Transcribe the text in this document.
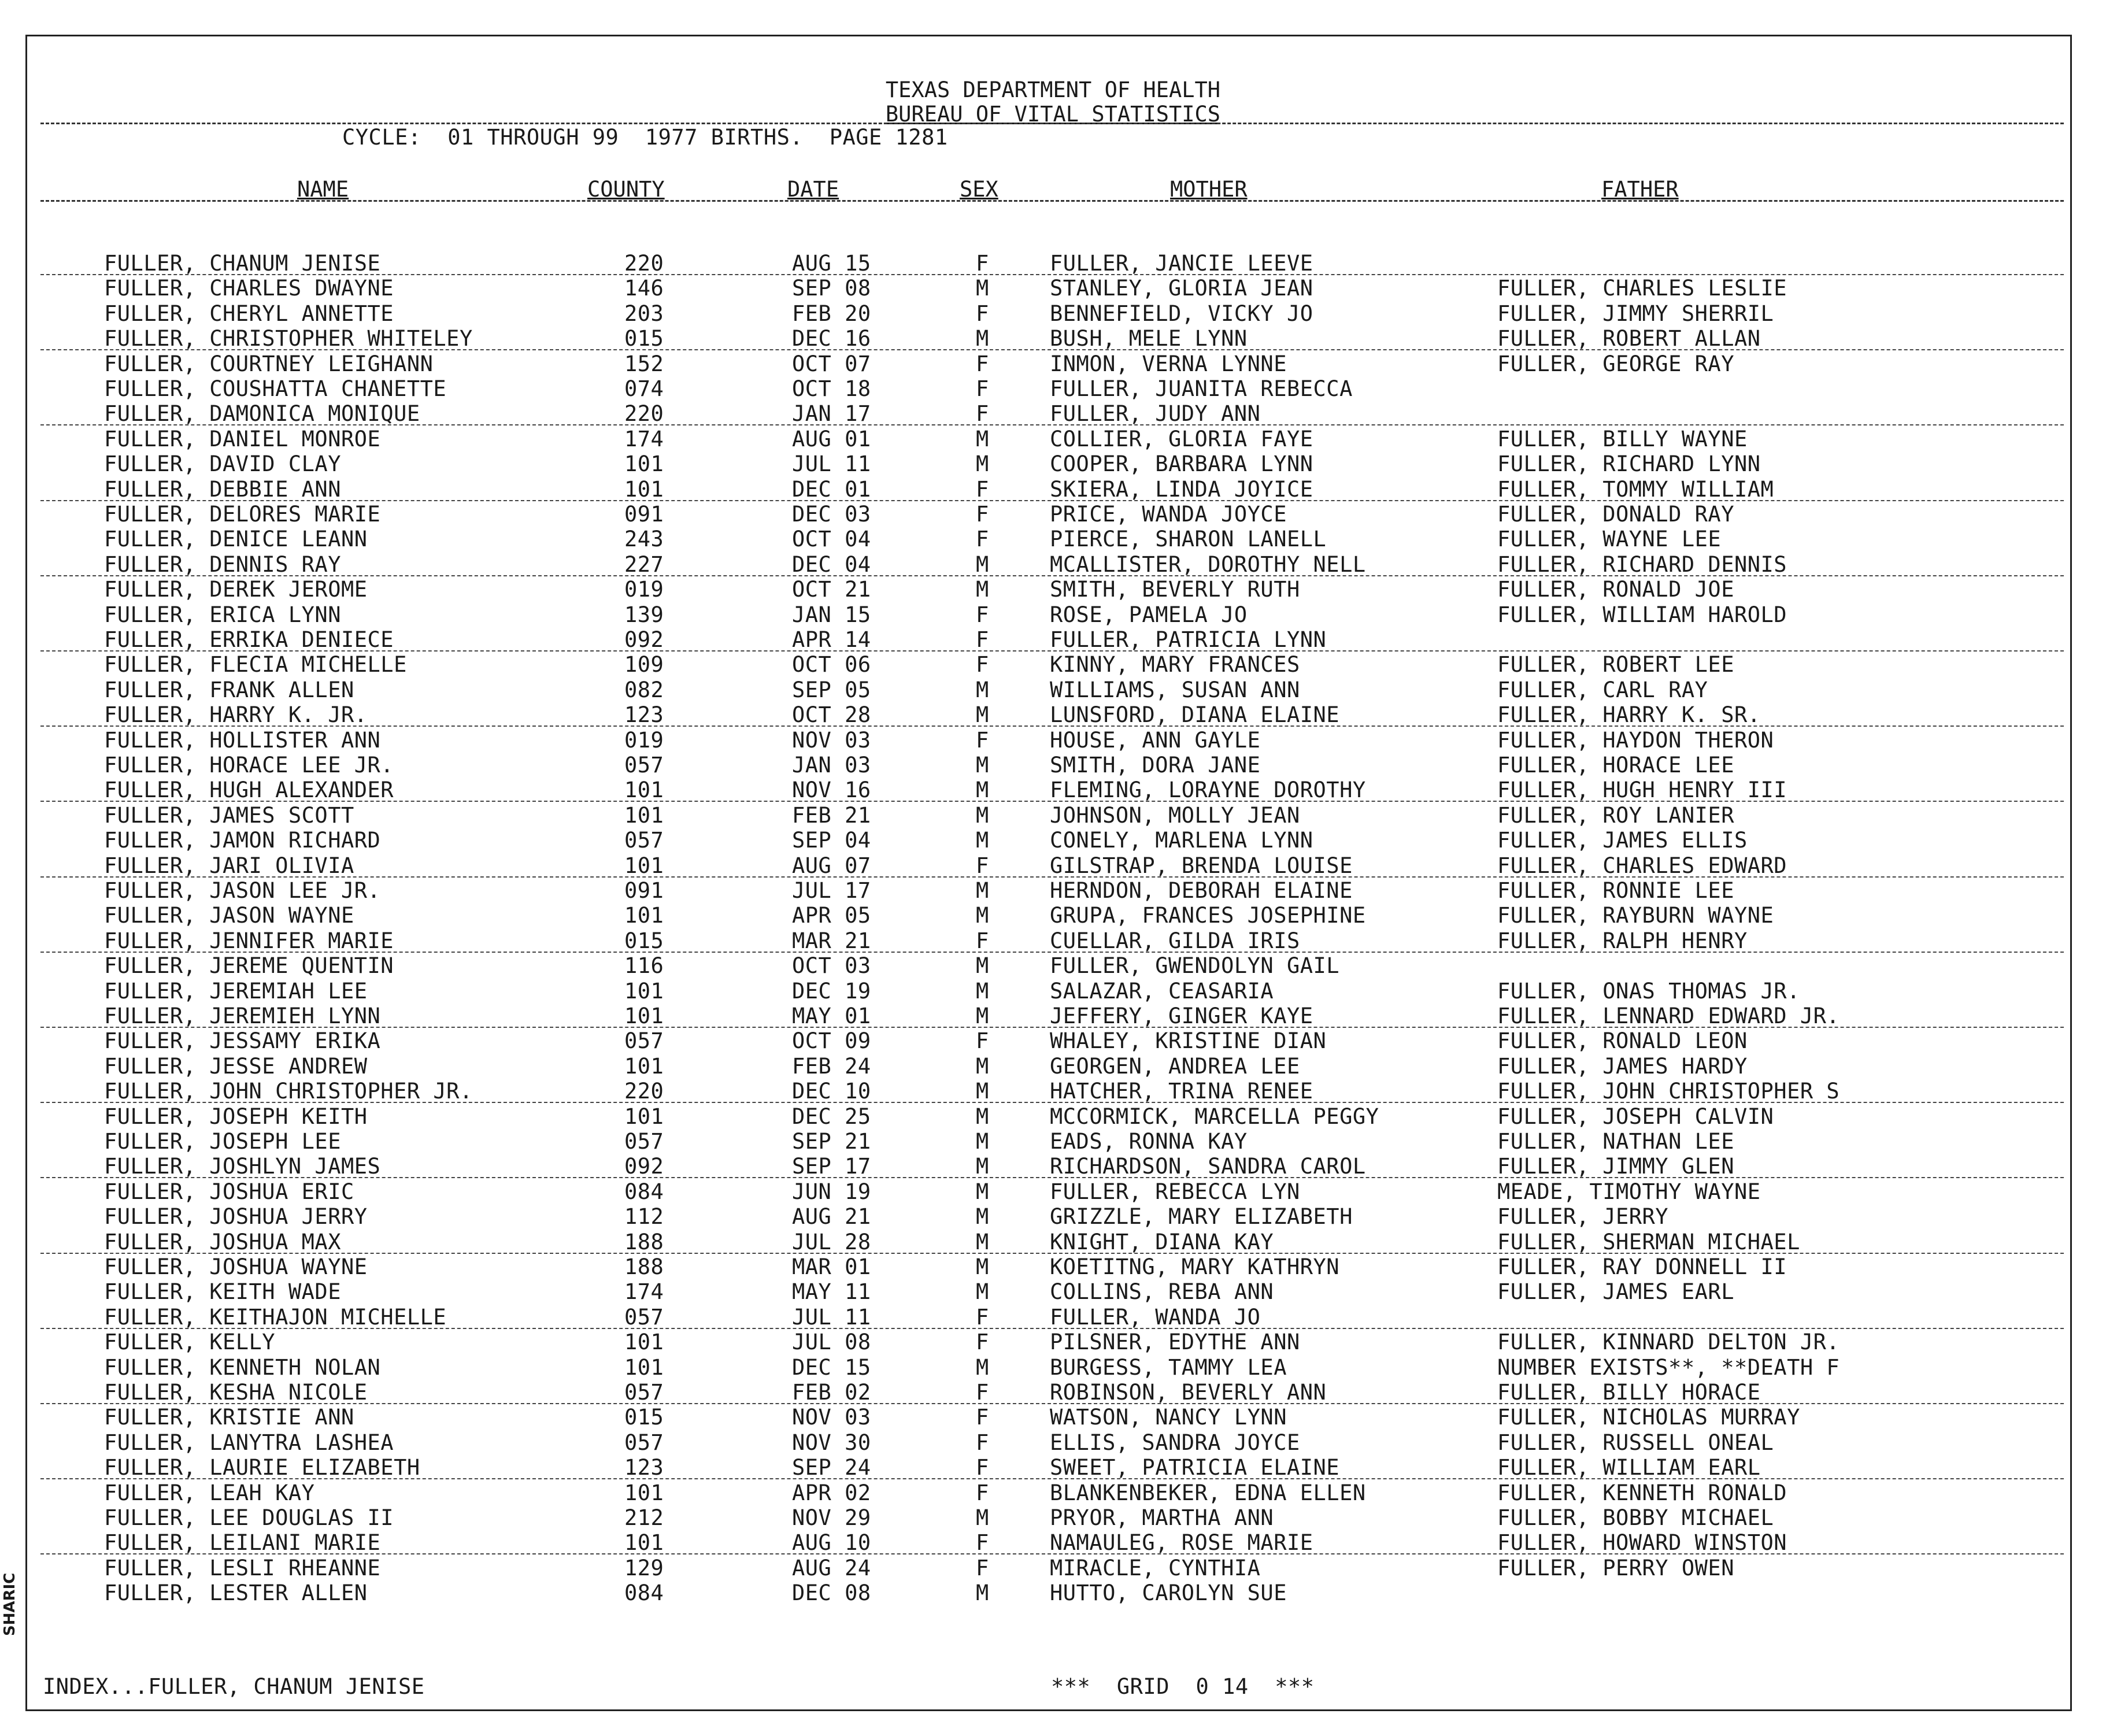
TEXAS DEPARTMENT OF HEALTH
BUREAU OF VITAL STATISTICS
CYCLE:  01 THROUGH 99  1977 BIRTHS.  PAGE 1281
NAME	COUNTY	DATE	SEX	MOTHER	FATHER
FULLER, CHANUM JENISE	220	AUG 15	F	FULLER, JANCIE LEEVE
FULLER, CHARLES DWAYNE	146	SEP 08	M	STANLEY, GLORIA JEAN	FULLER, CHARLES LESLIE
FULLER, CHERYL ANNETTE	203	FEB 20	F	BENNEFIELD, VICKY JO	FULLER, JIMMY SHERRIL
FULLER, CHRISTOPHER WHITELEY	015	DEC 16	M	BUSH, MELE LYNN	FULLER, ROBERT ALLAN
FULLER, COURTNEY LEIGHANN	152	OCT 07	F	INMON, VERNA LYNNE	FULLER, GEORGE RAY
FULLER, COUSHATTA CHANETTE	074	OCT 18	F	FULLER, JUANITA REBECCA
FULLER, DAMONICA MONIQUE	220	JAN 17	F	FULLER, JUDY ANN
FULLER, DANIEL MONROE	174	AUG 01	M	COLLIER, GLORIA FAYE	FULLER, BILLY WAYNE
FULLER, DAVID CLAY	101	JUL 11	M	COOPER, BARBARA LYNN	FULLER, RICHARD LYNN
FULLER, DEBBIE ANN	101	DEC 01	F	SKIERA, LINDA JOYICE	FULLER, TOMMY WILLIAM
FULLER, DELORES MARIE	091	DEC 03	F	PRICE, WANDA JOYCE	FULLER, DONALD RAY
FULLER, DENICE LEANN	243	OCT 04	F	PIERCE, SHARON LANELL	FULLER, WAYNE LEE
FULLER, DENNIS RAY	227	DEC 04	M	MCALLISTER, DOROTHY NELL	FULLER, RICHARD DENNIS
FULLER, DEREK JEROME	019	OCT 21	M	SMITH, BEVERLY RUTH	FULLER, RONALD JOE
FULLER, ERICA LYNN	139	JAN 15	F	ROSE, PAMELA JO	FULLER, WILLIAM HAROLD
FULLER, ERRIKA DENIECE	092	APR 14	F	FULLER, PATRICIA LYNN
FULLER, FLECIA MICHELLE	109	OCT 06	F	KINNY, MARY FRANCES	FULLER, ROBERT LEE
FULLER, FRANK ALLEN	082	SEP 05	M	WILLIAMS, SUSAN ANN	FULLER, CARL RAY
FULLER, HARRY K. JR.	123	OCT 28	M	LUNSFORD, DIANA ELAINE	FULLER, HARRY K. SR.
FULLER, HOLLISTER ANN	019	NOV 03	F	HOUSE, ANN GAYLE	FULLER, HAYDON THERON
FULLER, HORACE LEE JR.	057	JAN 03	M	SMITH, DORA JANE	FULLER, HORACE LEE
FULLER, HUGH ALEXANDER	101	NOV 16	M	FLEMING, LORAYNE DOROTHY	FULLER, HUGH HENRY III
FULLER, JAMES SCOTT	101	FEB 21	M	JOHNSON, MOLLY JEAN	FULLER, ROY LANIER
FULLER, JAMON RICHARD	057	SEP 04	M	CONELY, MARLENA LYNN	FULLER, JAMES ELLIS
FULLER, JARI OLIVIA	101	AUG 07	F	GILSTRAP, BRENDA LOUISE	FULLER, CHARLES EDWARD
FULLER, JASON LEE JR.	091	JUL 17	M	HERNDON, DEBORAH ELAINE	FULLER, RONNIE LEE
FULLER, JASON WAYNE	101	APR 05	M	GRUPA, FRANCES JOSEPHINE	FULLER, RAYBURN WAYNE
FULLER, JENNIFER MARIE	015	MAR 21	F	CUELLAR, GILDA IRIS	FULLER, RALPH HENRY
FULLER, JEREME QUENTIN	116	OCT 03	M	FULLER, GWENDOLYN GAIL
FULLER, JEREMIAH LEE	101	DEC 19	M	SALAZAR, CEASARIA	FULLER, ONAS THOMAS JR.
FULLER, JEREMIEH LYNN	101	MAY 01	M	JEFFERY, GINGER KAYE	FULLER, LENNARD EDWARD JR.
FULLER, JESSAMY ERIKA	057	OCT 09	F	WHALEY, KRISTINE DIAN	FULLER, RONALD LEON
FULLER, JESSE ANDREW	101	FEB 24	M	GEORGEN, ANDREA LEE	FULLER, JAMES HARDY
FULLER, JOHN CHRISTOPHER JR.	220	DEC 10	M	HATCHER, TRINA RENEE	FULLER, JOHN CHRISTOPHER S
FULLER, JOSEPH KEITH	101	DEC 25	M	MCCORMICK, MARCELLA PEGGY	FULLER, JOSEPH CALVIN
FULLER, JOSEPH LEE	057	SEP 21	M	EADS, RONNA KAY	FULLER, NATHAN LEE
FULLER, JOSHLYN JAMES	092	SEP 17	M	RICHARDSON, SANDRA CAROL	FULLER, JIMMY GLEN
FULLER, JOSHUA ERIC	084	JUN 19	M	FULLER, REBECCA LYN	MEADE, TIMOTHY WAYNE
FULLER, JOSHUA JERRY	112	AUG 21	M	GRIZZLE, MARY ELIZABETH	FULLER, JERRY
FULLER, JOSHUA MAX	188	JUL 28	M	KNIGHT, DIANA KAY	FULLER, SHERMAN MICHAEL
FULLER, JOSHUA WAYNE	188	MAR 01	M	KOETITNG, MARY KATHRYN	FULLER, RAY DONNELL II
FULLER, KEITH WADE	174	MAY 11	M	COLLINS, REBA ANN	FULLER, JAMES EARL
FULLER, KEITHAJON MICHELLE	057	JUL 11	F	FULLER, WANDA JO
FULLER, KELLY	101	JUL 08	F	PILSNER, EDYTHE ANN	FULLER, KINNARD DELTON JR.
FULLER, KENNETH NOLAN	101	DEC 15	M	BURGESS, TAMMY LEA	NUMBER EXISTS**, **DEATH F
FULLER, KESHA NICOLE	057	FEB 02	F	ROBINSON, BEVERLY ANN	FULLER, BILLY HORACE
FULLER, KRISTIE ANN	015	NOV 03	F	WATSON, NANCY LYNN	FULLER, NICHOLAS MURRAY
FULLER, LANYTRA LASHEA	057	NOV 30	F	ELLIS, SANDRA JOYCE	FULLER, RUSSELL ONEAL
FULLER, LAURIE ELIZABETH	123	SEP 24	F	SWEET, PATRICIA ELAINE	FULLER, WILLIAM EARL
FULLER, LEAH KAY	101	APR 02	F	BLANKENBEKER, EDNA ELLEN	FULLER, KENNETH RONALD
FULLER, LEE DOUGLAS II	212	NOV 29	M	PRYOR, MARTHA ANN	FULLER, BOBBY MICHAEL
FULLER, LEILANI MARIE	101	AUG 10	F	NAMAULEG, ROSE MARIE	FULLER, HOWARD WINSTON
FULLER, LESLI RHEANNE	129	AUG 24	F	MIRACLE, CYNTHIA	FULLER, PERRY OWEN
FULLER, LESTER ALLEN	084	DEC 08	M	HUTTO, CAROLYN SUE
INDEX...FULLER, CHANUM JENISE	***  GRID  0 14  ***
SHARIC
